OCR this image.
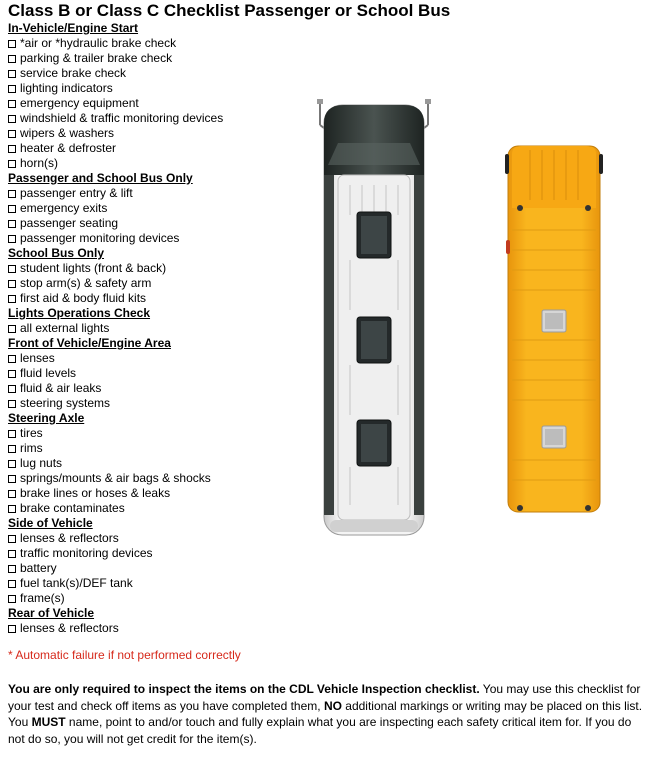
Class B or Class C Checklist Passenger or School Bus
In-Vehicle/Engine Start
*air or *hydraulic brake check
parking & trailer brake check
service brake check
lighting indicators
emergency equipment
windshield & traffic monitoring devices
wipers & washers
heater & defroster
horn(s)
Passenger and School Bus Only
passenger entry & lift
emergency exits
passenger seating
passenger monitoring devices
School Bus Only
student lights (front & back)
stop arm(s) & safety arm
first aid & body fluid kits
Lights Operations Check
all external lights
Front of Vehicle/Engine Area
lenses
fluid levels
fluid & air leaks
steering systems
Steering Axle
tires
rims
lug nuts
springs/mounts & air bags & shocks
brake lines or hoses & leaks
brake contaminates
Side of Vehicle
lenses & reflectors
traffic monitoring devices
battery
fuel tank(s)/DEF tank
frame(s)
Rear of Vehicle
lenses & reflectors
* Automatic failure if not performed correctly

You are only required to inspect the items on the CDL Vehicle Inspection checklist. You may use this checklist for your test and check off items as you have completed them, NO additional markings or writing may be placed on this list. You MUST name, point to and/or touch and fully explain what you are inspecting each safety critical item for. If you do not do so, you will not get credit for the item(s).
